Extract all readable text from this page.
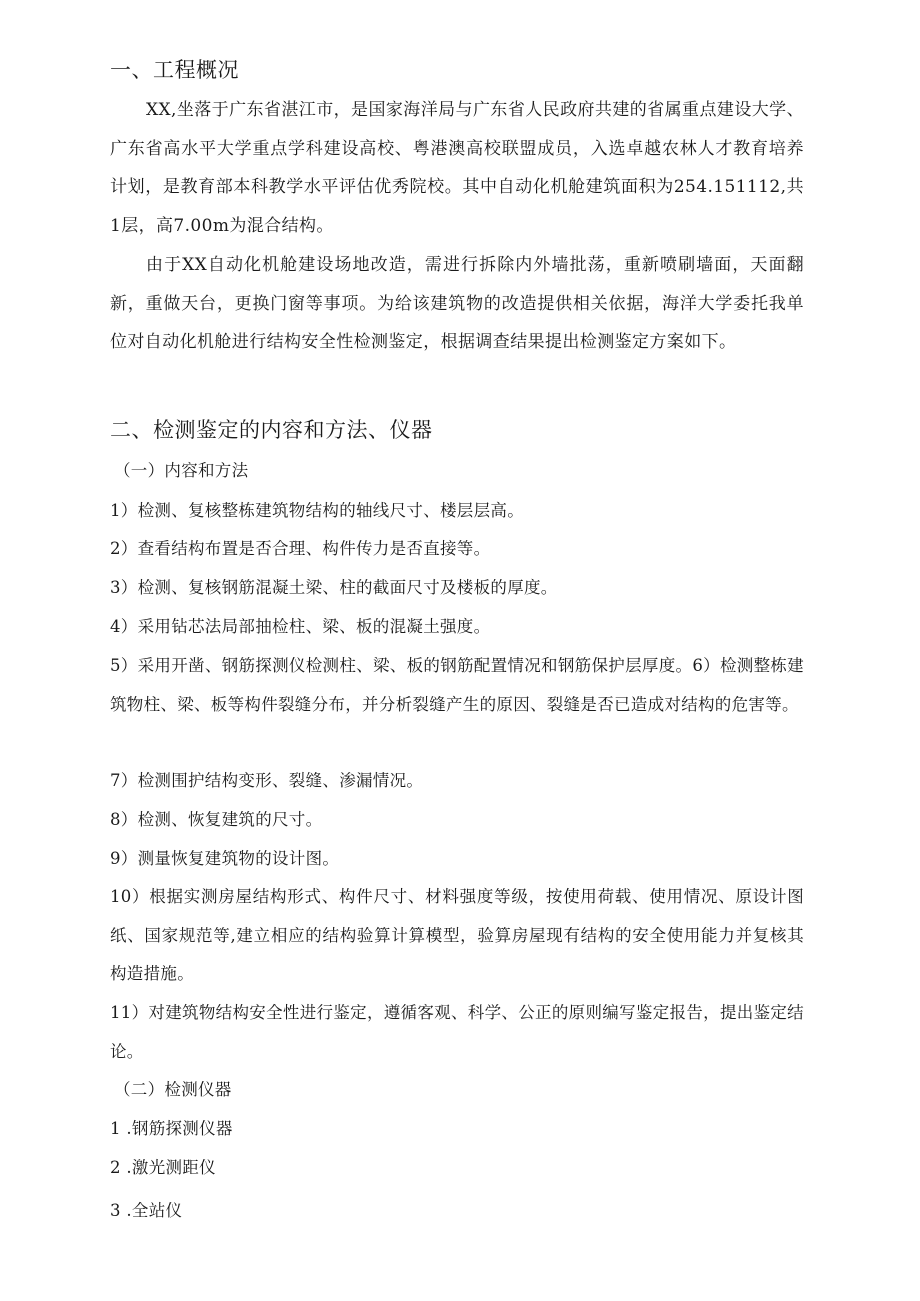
一、工程概况
XX,坐落于广东省湛江市，是国家海洋局与广东省人民政府共建的省属重点建设大学、广东省高水平大学重点学科建设高校、粤港澳高校联盟成员，入选卓越农林人才教育培养计划，是教育部本科教学水平评估优秀院校。其中自动化机舱建筑面积为254.151112,共1层，高7.00m为混合结构。
由于XX自动化机舱建设场地改造，需进行拆除内外墙批荡，重新喷刷墙面，天面翻新，重做天台，更换门窗等事项。为给该建筑物的改造提供相关依据，海洋大学委托我单位对自动化机舱进行结构安全性检测鉴定，根据调查结果提出检测鉴定方案如下。
二、检测鉴定的内容和方法、仪器
（一）内容和方法
1）检测、复核整栋建筑物结构的轴线尺寸、楼层层高。
2）查看结构布置是否合理、构件传力是否直接等。
3）检测、复核钢筋混凝土梁、柱的截面尺寸及楼板的厚度。
4）采用钻芯法局部抽检柱、梁、板的混凝土强度。
5）采用开凿、钢筋探测仪检测柱、梁、板的钢筋配置情况和钢筋保护层厚度。6）检测整栋建筑物柱、梁、板等构件裂缝分布，并分析裂缝产生的原因、裂缝是否已造成对结构的危害等。
7）检测围护结构变形、裂缝、渗漏情况。
8）检测、恢复建筑的尺寸。
9）测量恢复建筑物的设计图。
10）根据实测房屋结构形式、构件尺寸、材料强度等级，按使用荷载、使用情况、原设计图纸、国家规范等,建立相应的结构验算计算模型，验算房屋现有结构的安全使用能力并复核其构造措施。
11）对建筑物结构安全性进行鉴定，遵循客观、科学、公正的原则编写鉴定报告，提出鉴定结论。
（二）检测仪器
1 .钢筋探测仪器
2 .激光测距仪
3 .全站仪
